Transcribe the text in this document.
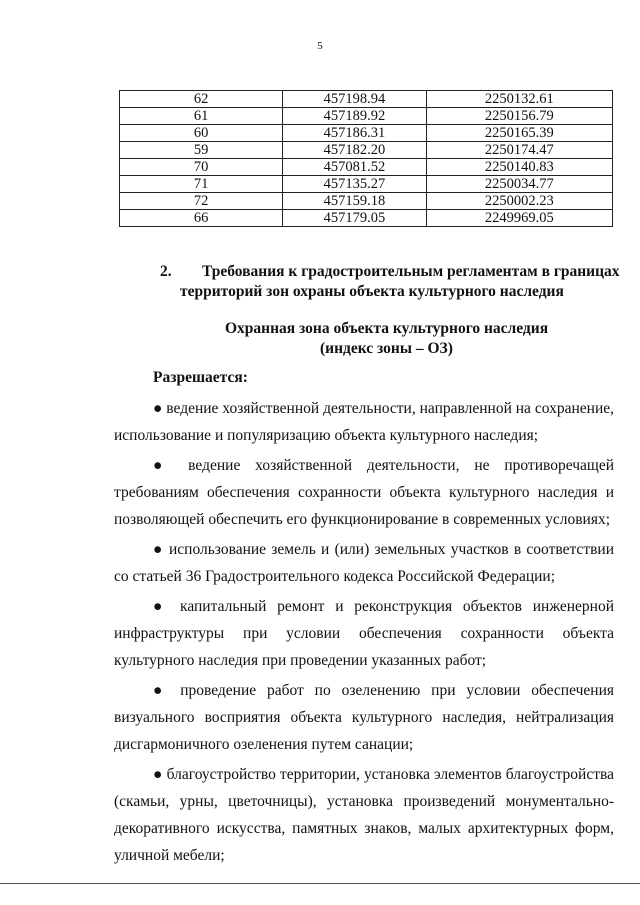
5
62	457198.94	2250132.61
61	457189.92	2250156.79
60	457186.31	2250165.39
59	457182.20	2250174.47
70	457081.52	2250140.83
71	457135.27	2250034.77
72	457159.18	2250002.23
66	457179.05	2249969.05
2. Требования к градостроительным регламентам в границах
территорий зон охраны объекта культурного наследия
Охранная зона объекта культурного наследия
(индекс зоны – ОЗ)
Разрешается:

● ведение хозяйственной деятельности, направленной на сохранение, использование и популяризацию объекта культурного наследия;

● ведение хозяйственной деятельности, не противоречащей требованиям обеспечения сохранности объекта культурного наследия и позволяющей обеспечить его функционирование в современных условиях;

● использование земель и (или) земельных участков в соответствии со статьей 36 Градостроительного кодекса Российской Федерации;

● капитальный ремонт и реконструкция объектов инженерной инфраструктуры при условии обеспечения сохранности объекта культурного наследия при проведении указанных работ;

● проведение работ по озеленению при условии обеспечения визуального восприятия объекта культурного наследия, нейтрализация дисгармоничного озеленения путем санации;

● благоустройство территории, установка элементов благоустройства (скамьи, урны, цветочницы), установка произведений монументально-декоративного искусства, памятных знаков, малых архитектурных форм, уличной мебели;
